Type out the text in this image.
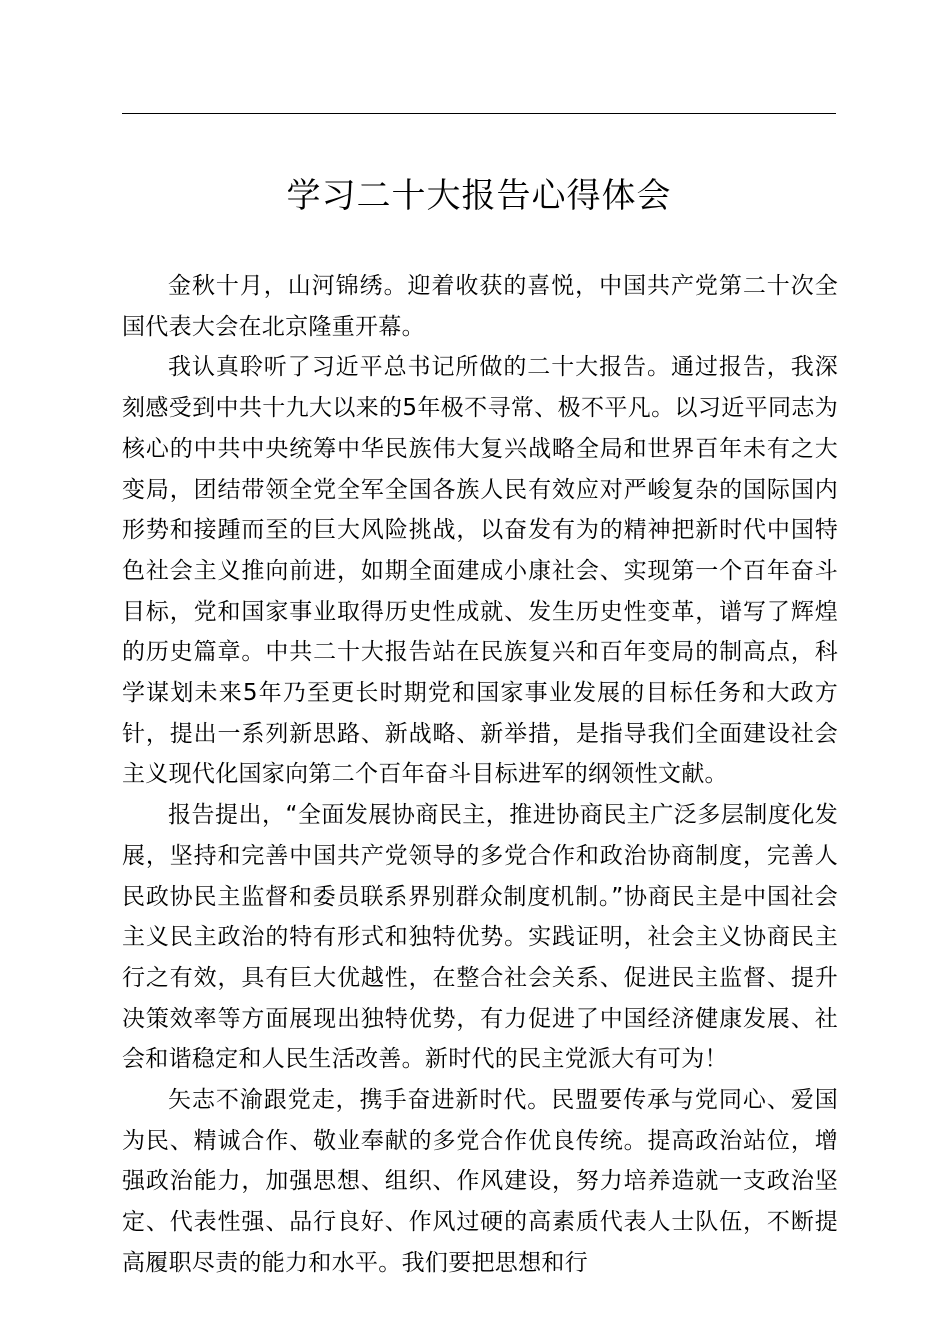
学习二十大报告心得体会

金秋十月，山河锦绣。迎着收获的喜悦，中国共产党第二十次全国代表大会在北京隆重开幕。

我认真聆听了习近平总书记所做的二十大报告。通过报告，我深刻感受到中共十九大以来的5年极不寻常、极不平凡。以习近平同志为核心的中共中央统筹中华民族伟大复兴战略全局和世界百年未有之大变局，团结带领全党全军全国各族人民有效应对严峻复杂的国际国内形势和接踵而至的巨大风险挑战，以奋发有为的精神把新时代中国特色社会主义推向前进，如期全面建成小康社会、实现第一个百年奋斗目标，党和国家事业取得历史性成就、发生历史性变革，谱写了辉煌的历史篇章。中共二十大报告站在民族复兴和百年变局的制高点，科学谋划未来5年乃至更长时期党和国家事业发展的目标任务和大政方针，提出一系列新思路、新战略、新举措，是指导我们全面建设社会主义现代化国家向第二个百年奋斗目标进军的纲领性文献。

报告提出，“全面发展协商民主，推进协商民主广泛多层制度化发展，坚持和完善中国共产党领导的多党合作和政治协商制度，完善人民政协民主监督和委员联系界别群众制度机制。”协商民主是中国社会主义民主政治的特有形式和独特优势。实践证明，社会主义协商民主行之有效，具有巨大优越性，在整合社会关系、促进民主监督、提升决策效率等方面展现出独特优势，有力促进了中国经济健康发展、社会和谐稳定和人民生活改善。新时代的民主党派大有可为！

矢志不渝跟党走，携手奋进新时代。民盟要传承与党同心、爱国为民、精诚合作、敬业奉献的多党合作优良传统。提高政治站位，增强政治能力，加强思想、组织、作风建设，努力培养造就一支政治坚定、代表性强、品行良好、作风过硬的高素质代表人士队伍，不断提高履职尽责的能力和水平。我们要把思想和行
